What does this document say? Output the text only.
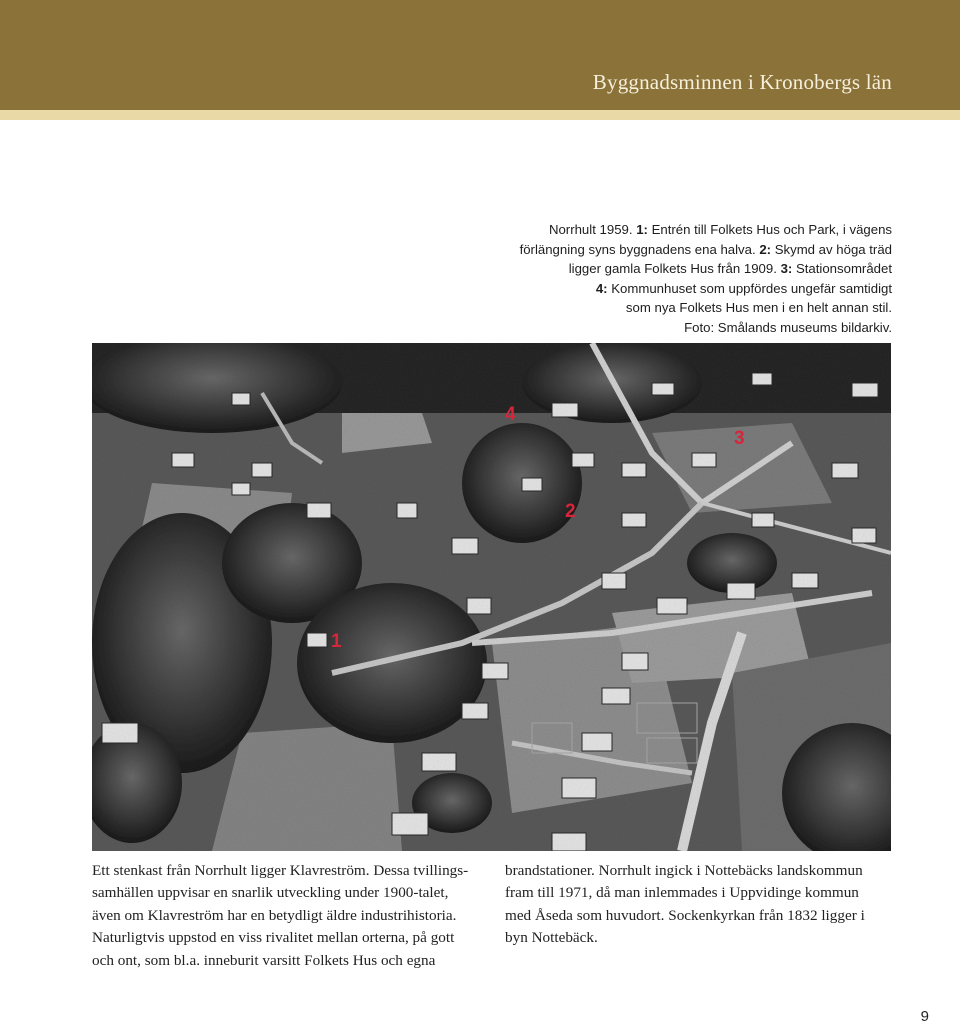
Byggnadsminnen i Kronobergs län

Norrhult 1959. 1: Entrén till Folkets Hus och Park, i vägens

förlängning syns byggnadens ena halva. 2: Skymd av höga träd

ligger gamla Folkets Hus från 1909. 3: Stationsområdet

4: Kommunhuset som uppfördes ungefär samtidigt

som nya Folkets Hus men i en helt annan stil.

Foto: Smålands museums bildarkiv.

1
2
3
4

Ett stenkast från Norrhult ligger Klavreström. Dessa tvillings-

samhällen uppvisar en snarlik utveckling under 1900-talet,

även om Klavreström har en betydligt äldre industrihistoria.

Naturligtvis uppstod en viss rivalitet mellan orterna, på gott

och ont, som bl.a. inneburit varsitt Folkets Hus och egna

brandstationer. Norrhult ingick i Nottebäcks landskommun

fram till 1971, då man inlemmades i Uppvidinge kommun

med Åseda som huvudort. Sockenkyrkan från 1832 ligger i

byn Nottebäck.

9
